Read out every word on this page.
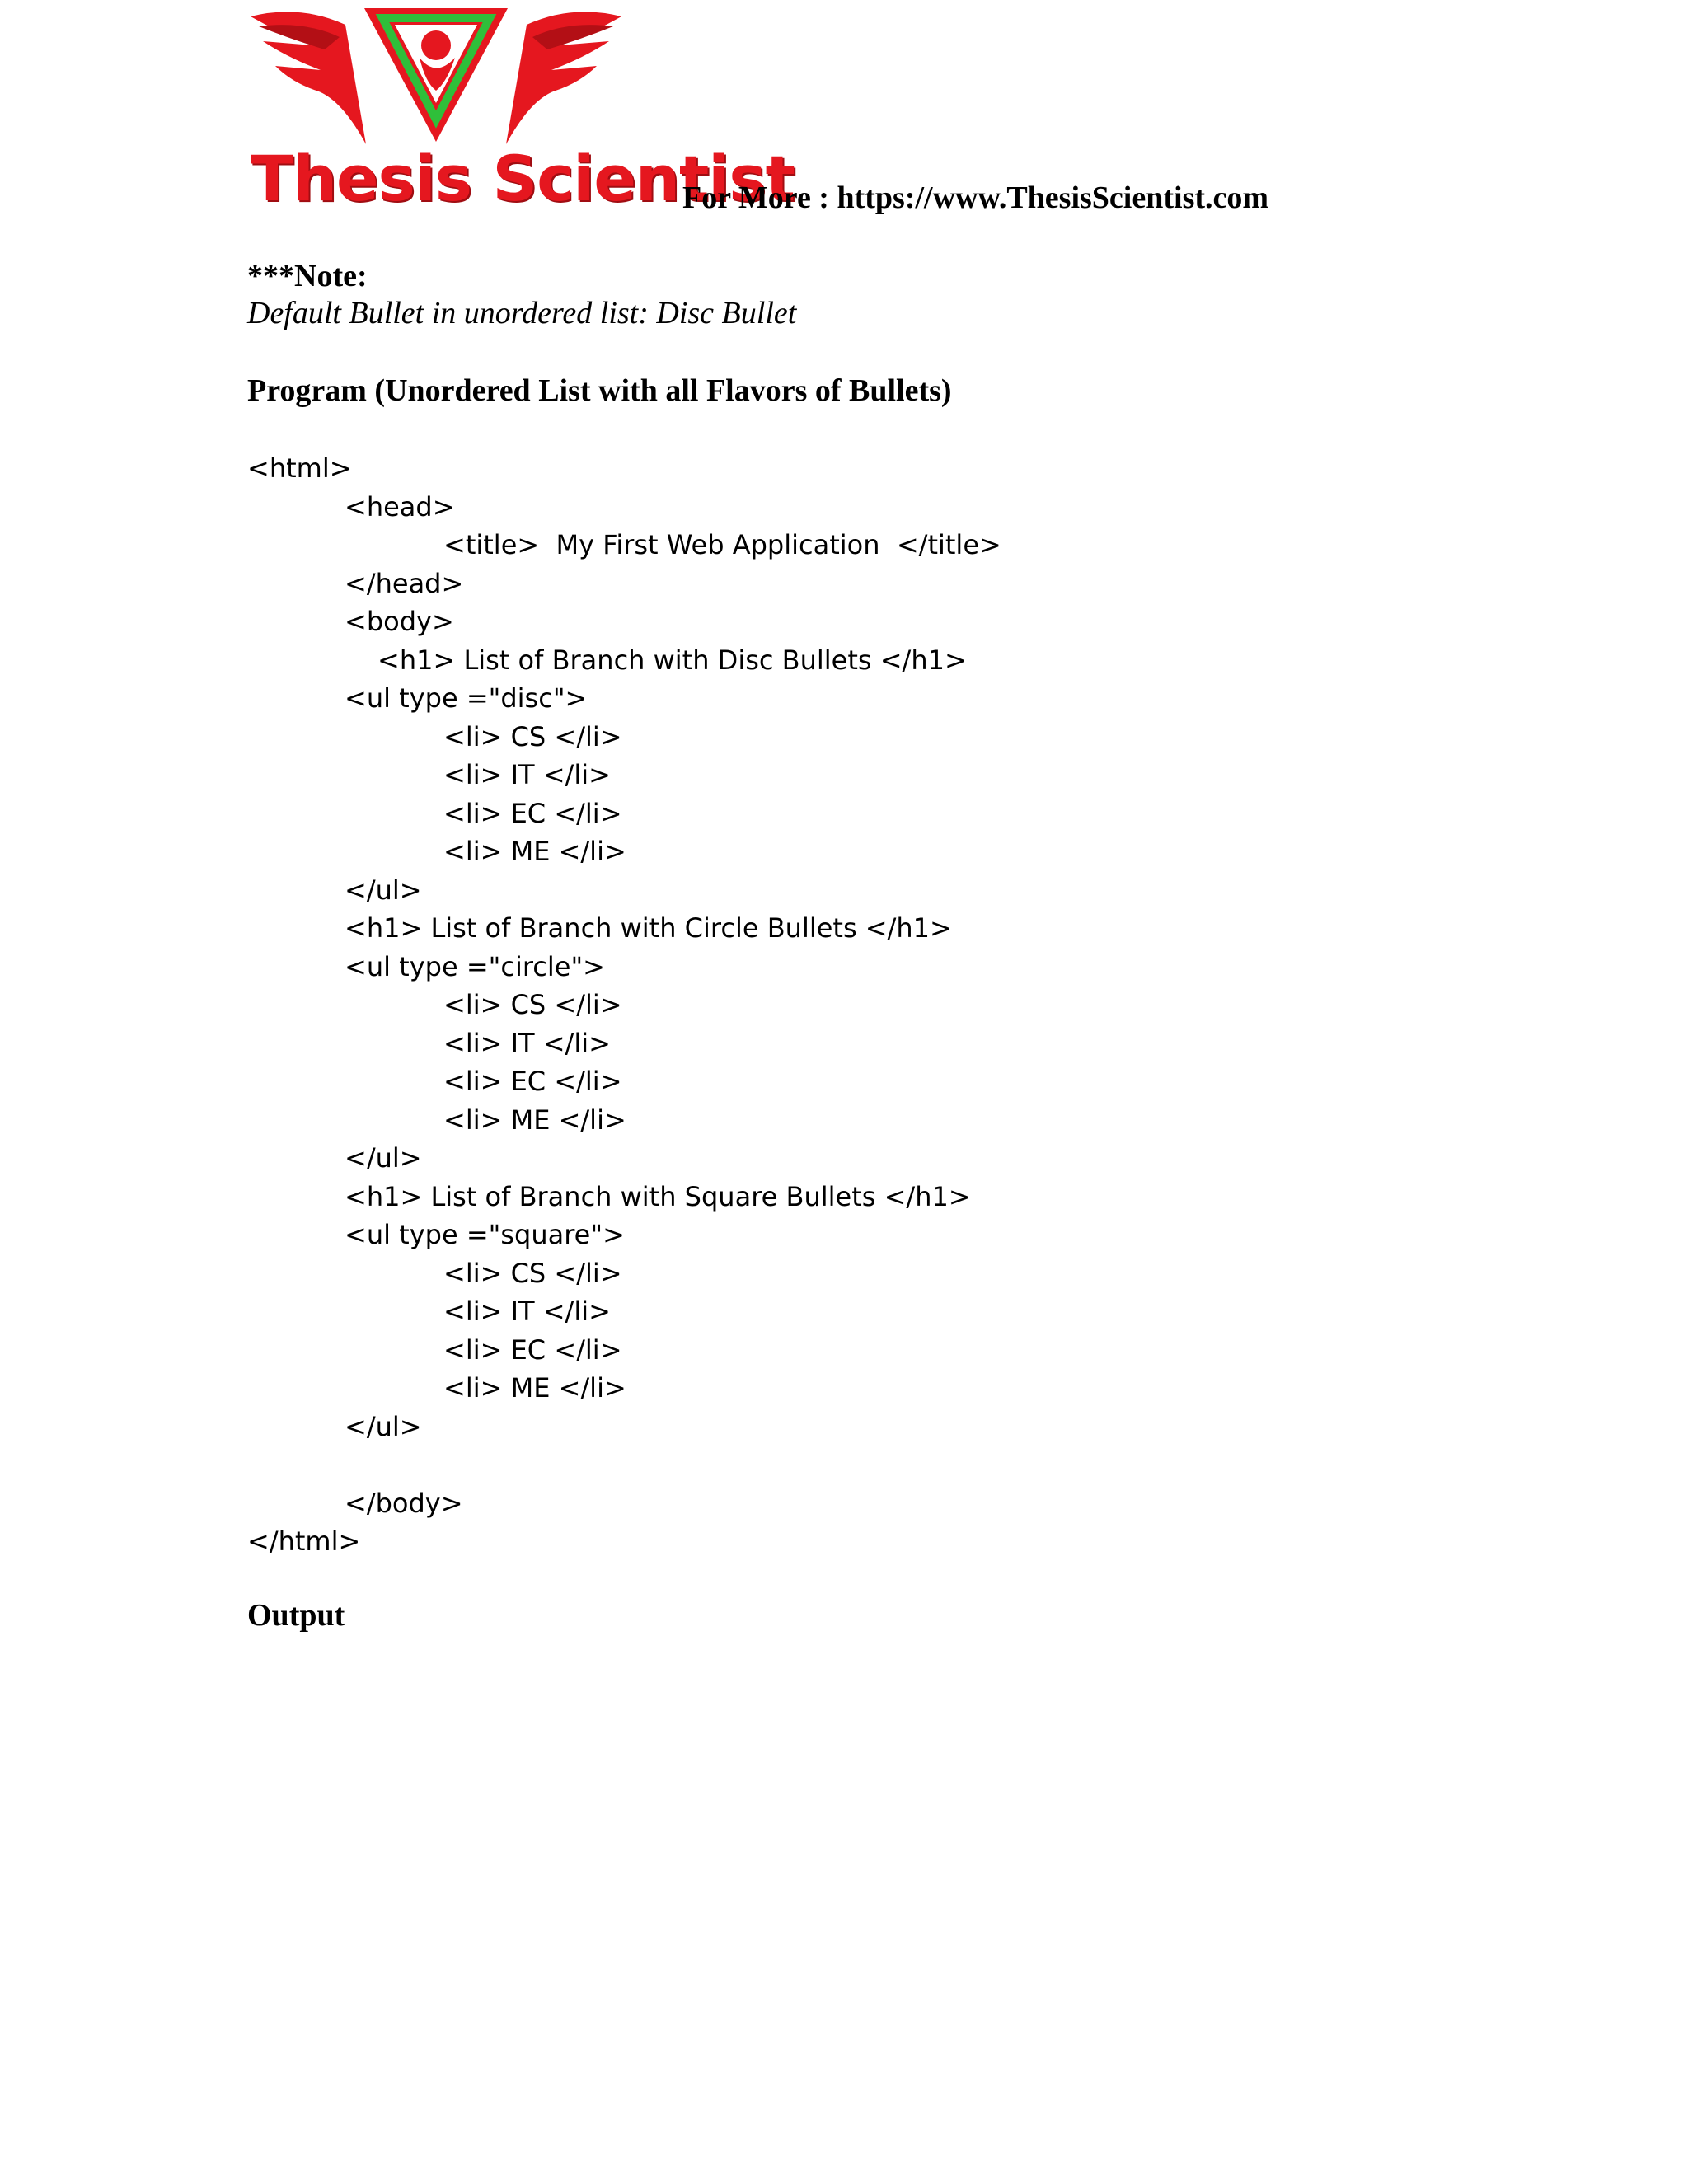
Thesis Scientist
For More : https://www.ThesisScientist.com
***Note:
Default Bullet in unordered list: Disc Bullet
Program (Unordered List with all Flavors of Bullets)
<html>
<head>
<title>  My First Web Application  </title>
</head>
<body>
<h1> List of Branch with Disc Bullets </h1>
<ul type ="disc">
<li> CS </li>
<li> IT </li>
<li> EC </li>
<li> ME </li>
</ul>
<h1> List of Branch with Circle Bullets </h1>
<ul type ="circle">
<li> CS </li>
<li> IT </li>
<li> EC </li>
<li> ME </li>
</ul>
<h1> List of Branch with Square Bullets </h1>
<ul type ="square">
<li> CS </li>
<li> IT </li>
<li> EC </li>
<li> ME </li>
</ul>
</body>
</html>
Output
